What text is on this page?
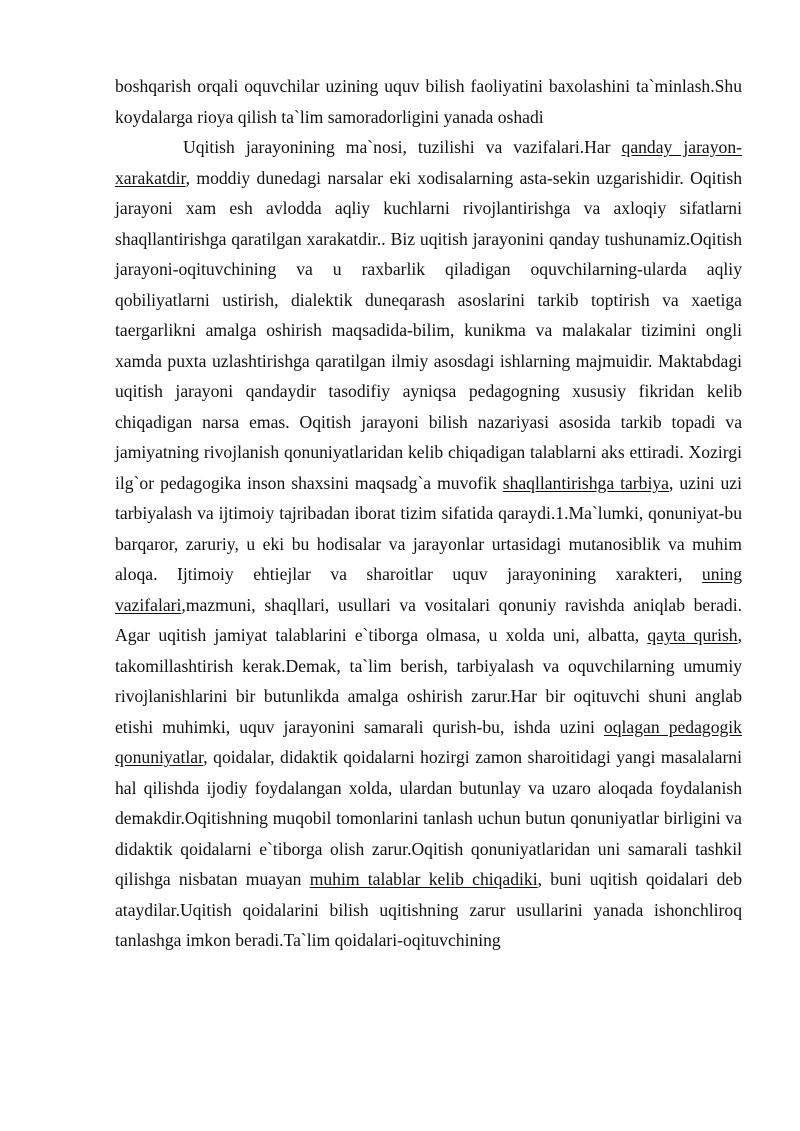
boshqarish orqali oquvchilar uzining uquv bilish faoliyatini baxolashini ta`minlash.Shu koydalarga rioya qilish ta`lim samoradorligini yanada oshadi

Uqitish jarayonining ma`nosi, tuzilishi va vazifalari.Har qanday jarayon-xarakatdir, moddiy dunedagi narsalar eki xodisalarning asta-sekin uzgarishidir. Oqitish jarayoni xam esh avlodda aqliy kuchlarni rivojlantirishga va axloqiy sifatlarni shaqllantirishga qaratilgan xarakatdir.. Biz uqitish jarayonini qanday tushunamiz.Oqitish jarayoni-oqituvchining va u raxbarlik qiladigan oquvchilarning-ularda aqliy qobiliyatlarni ustirish, dialektik duneqarash asoslarini tarkib toptirish va xaetiga taergarlikni amalga oshirish maqsadida-bilim, kunikma va malakalar tizimini ongli xamda puxta uzlashtirishga qaratilgan ilmiy asosdagi ishlarning majmuidir. Maktabdagi uqitish jarayoni qandaydir tasodifiy ayniqsa pedagogning xususiy fikridan kelib chiqadigan narsa emas. Oqitish jarayoni bilish nazariyasi asosida tarkib topadi va jamiyatning rivojlanish qonuniyatlaridan kelib chiqadigan talablarni aks ettiradi. Xozirgi ilg`or pedagogika inson shaxsini maqsadg`a muvofik shaqllantirishga tarbiya, uzini uzi tarbiyalash va ijtimoiy tajribadan iborat tizim sifatida qaraydi.1.Ma`lumki, qonuniyat-bu barqaror, zaruriy, u eki bu hodisalar va jarayonlar urtasidagi mutanosiblik va muhim aloqa. Ijtimoiy ehtiejlar va sharoitlar uquv jarayonining xarakteri, uning vazifalari,mazmuni, shaqllari, usullari va vositalari qonuniy ravishda aniqlab beradi. Agar uqitish jamiyat talablarini e`tiborga olmasa, u xolda uni, albatta, qayta qurish, takomillashtirish kerak.Demak, ta`lim berish, tarbiyalash va oquvchilarning umumiy rivojlanishlarini bir butunlikda amalga oshirish zarur.Har bir oqituvchi shuni anglab etishi muhimki, uquv jarayonini samarali qurish-bu, ishda uzini oqlagan pedagogik qonuniyatlar, qoidalar, didaktik qoidalarni hozirgi zamon sharoitidagi yangi masalalarni hal qilishda ijodiy foydalangan xolda, ulardan butunlay va uzaro aloqada foydalanish demakdir.Oqitishning muqobil tomonlarini tanlash uchun butun qonuniyatlar birligini va didaktik qoidalarni e`tiborga olish zarur.Oqitish qonuniyatlaridan uni samarali tashkil qilishga nisbatan muayan muhim talablar kelib chiqadiki, buni uqitish qoidalari deb ataydilar.Uqitish qoidalarini bilish uqitishning zarur usullarini yanada ishonchliroq tanlashga imkon beradi.Ta`lim qoidalari-oqituvchining
